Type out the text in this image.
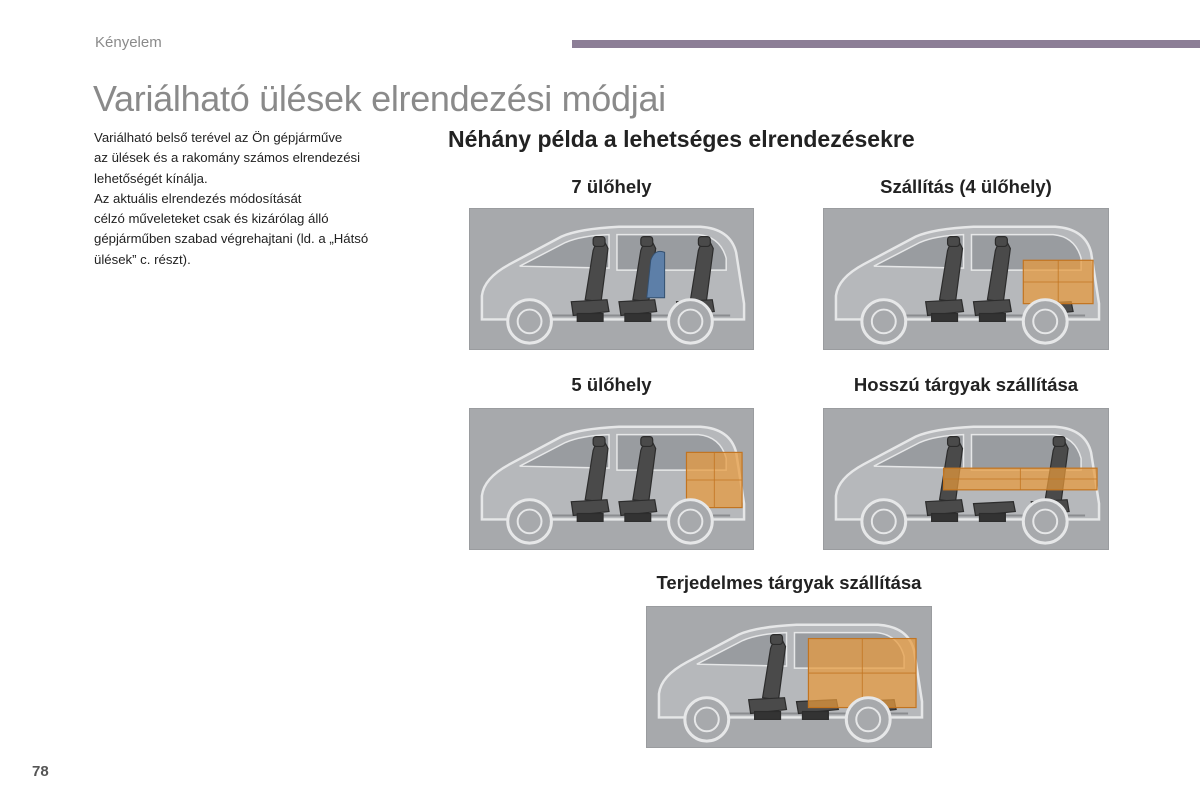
Kényelem
Variálható ülések elrendezési módjai
Variálható belső terével az Ön gépjárműve
az ülések és a rakomány számos elrendezési
lehetőségét kínálja.
Az aktuális elrendezés módosítását
célzó műveleteket csak és kizárólag álló
gépjárműben szabad végrehajtani (ld. a „Hátsó
ülések” c. részt).
Néhány példa a lehetséges elrendezésekre
7 ülőhely	Szállítás (4 ülőhely)
5 ülőhely	Hosszú tárgyak szállítása
Terjedelmes tárgyak szállítása
78
